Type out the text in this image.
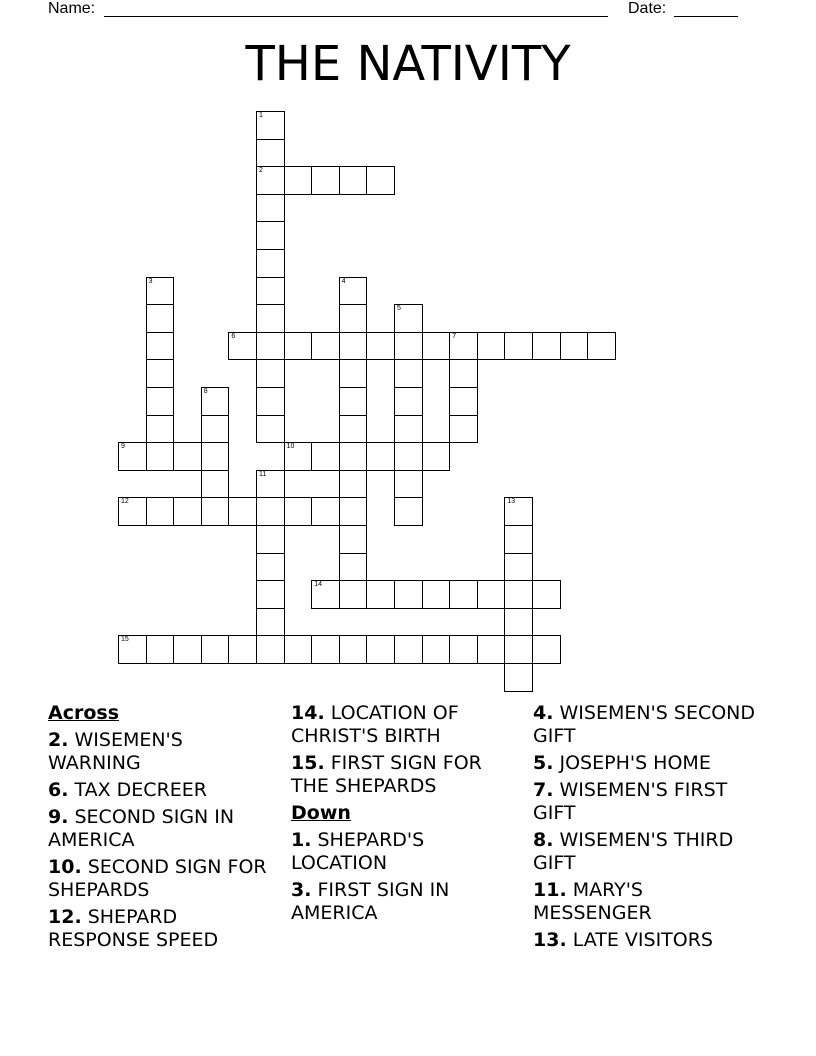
Name:	Date:
THE NATIVITY
1
2
3	4
5
6	7
8
9	10
11
12	13
14
15
Across
2. WISEMEN'S WARNING
6. TAX DECREER
9. SECOND SIGN IN AMERICA
10. SECOND SIGN FOR SHEPARDS
12. SHEPARD RESPONSE SPEED
14. LOCATION OF CHRIST'S BIRTH
15. FIRST SIGN FOR THE SHEPARDS
Down
1. SHEPARD'S LOCATION
3. FIRST SIGN IN AMERICA
4. WISEMEN'S SECOND GIFT
5. JOSEPH'S HOME
7. WISEMEN'S FIRST GIFT
8. WISEMEN'S THIRD GIFT
11. MARY'S MESSENGER
13. LATE VISITORS
